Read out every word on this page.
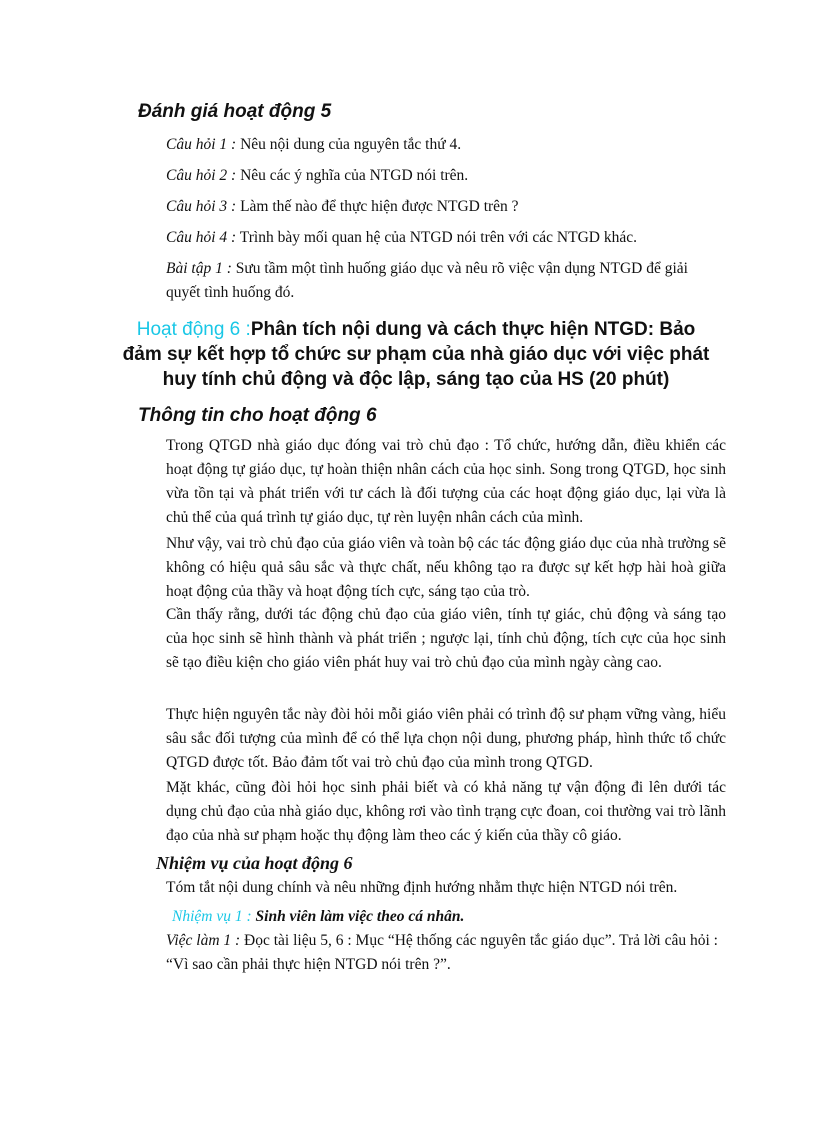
Đánh giá hoạt động 5
Câu hỏi 1 : Nêu nội dung của nguyên tắc thứ 4.
Câu hỏi 2 : Nêu các ý nghĩa của NTGD nói trên.
Câu hỏi 3 : Làm thế nào để thực hiện được NTGD trên ?
Câu hỏi 4 : Trình bày mối quan hệ của NTGD nói trên với các NTGD khác.
Bài tập 1 : Sưu tầm một tình huống giáo dục và nêu rõ việc vận dụng NTGD để giải quyết tình huống đó.
Hoạt động 6 :Phân tích nội dung và cách thực hiện NTGD: Bảo đảm sự kết hợp tổ chức sư phạm của nhà giáo dục với việc phát huy tính chủ động và độc lập, sáng tạo của HS (20 phút)
Thông tin cho hoạt động 6
Trong QTGD nhà giáo dục đóng vai trò chủ đạo : Tổ chức, hướng dẫn, điều khiển các hoạt động tự giáo dục, tự hoàn thiện nhân cách của học sinh. Song trong QTGD, học sinh vừa tồn tại và phát triển với tư cách là đối tượng của các hoạt động giáo dục, lại vừa là chủ thể của quá trình tự giáo dục, tự rèn luyện nhân cách của mình.
Như vậy, vai trò chủ đạo của giáo viên và toàn bộ các tác động giáo dục của nhà trường sẽ không có hiệu quả sâu sắc và thực chất, nếu không tạo ra được sự kết hợp hài hoà giữa hoạt động của thầy và hoạt động tích cực, sáng tạo của trò.
Cần thấy rằng, dưới tác động chủ đạo của giáo viên, tính tự giác, chủ động và sáng tạo của học sinh sẽ hình thành và phát triển ; ngược lại, tính chủ động, tích cực của học sinh sẽ tạo điều kiện cho giáo viên phát huy vai trò chủ đạo của mình ngày càng cao.
Thực hiện nguyên tắc này đòi hỏi mỗi giáo viên phải có trình độ sư phạm vững vàng, hiểu sâu sắc đối tượng của mình để có thể lựa chọn nội dung, phương pháp, hình thức tổ chức QTGD được tốt. Bảo đảm tốt vai trò chủ đạo của mình trong QTGD.
Mặt khác, cũng đòi hỏi học sinh phải biết và có khả năng tự vận động đi lên dưới tác dụng chủ đạo của nhà giáo dục, không rơi vào tình trạng cực đoan, coi thường vai trò lãnh đạo của nhà sư phạm hoặc thụ động làm theo các ý kiến của thầy cô giáo.
Nhiệm vụ của hoạt động 6
Tóm tắt nội dung chính và nêu những định hướng nhằm thực hiện NTGD nói trên.
Nhiệm vụ 1 : Sinh viên làm việc theo cá nhân.
Việc làm 1 : Đọc tài liệu 5, 6 : Mục “Hệ thống các nguyên tắc giáo dục”. Trả lời câu hỏi : “Vì sao cần phải thực hiện NTGD nói trên ?”.
